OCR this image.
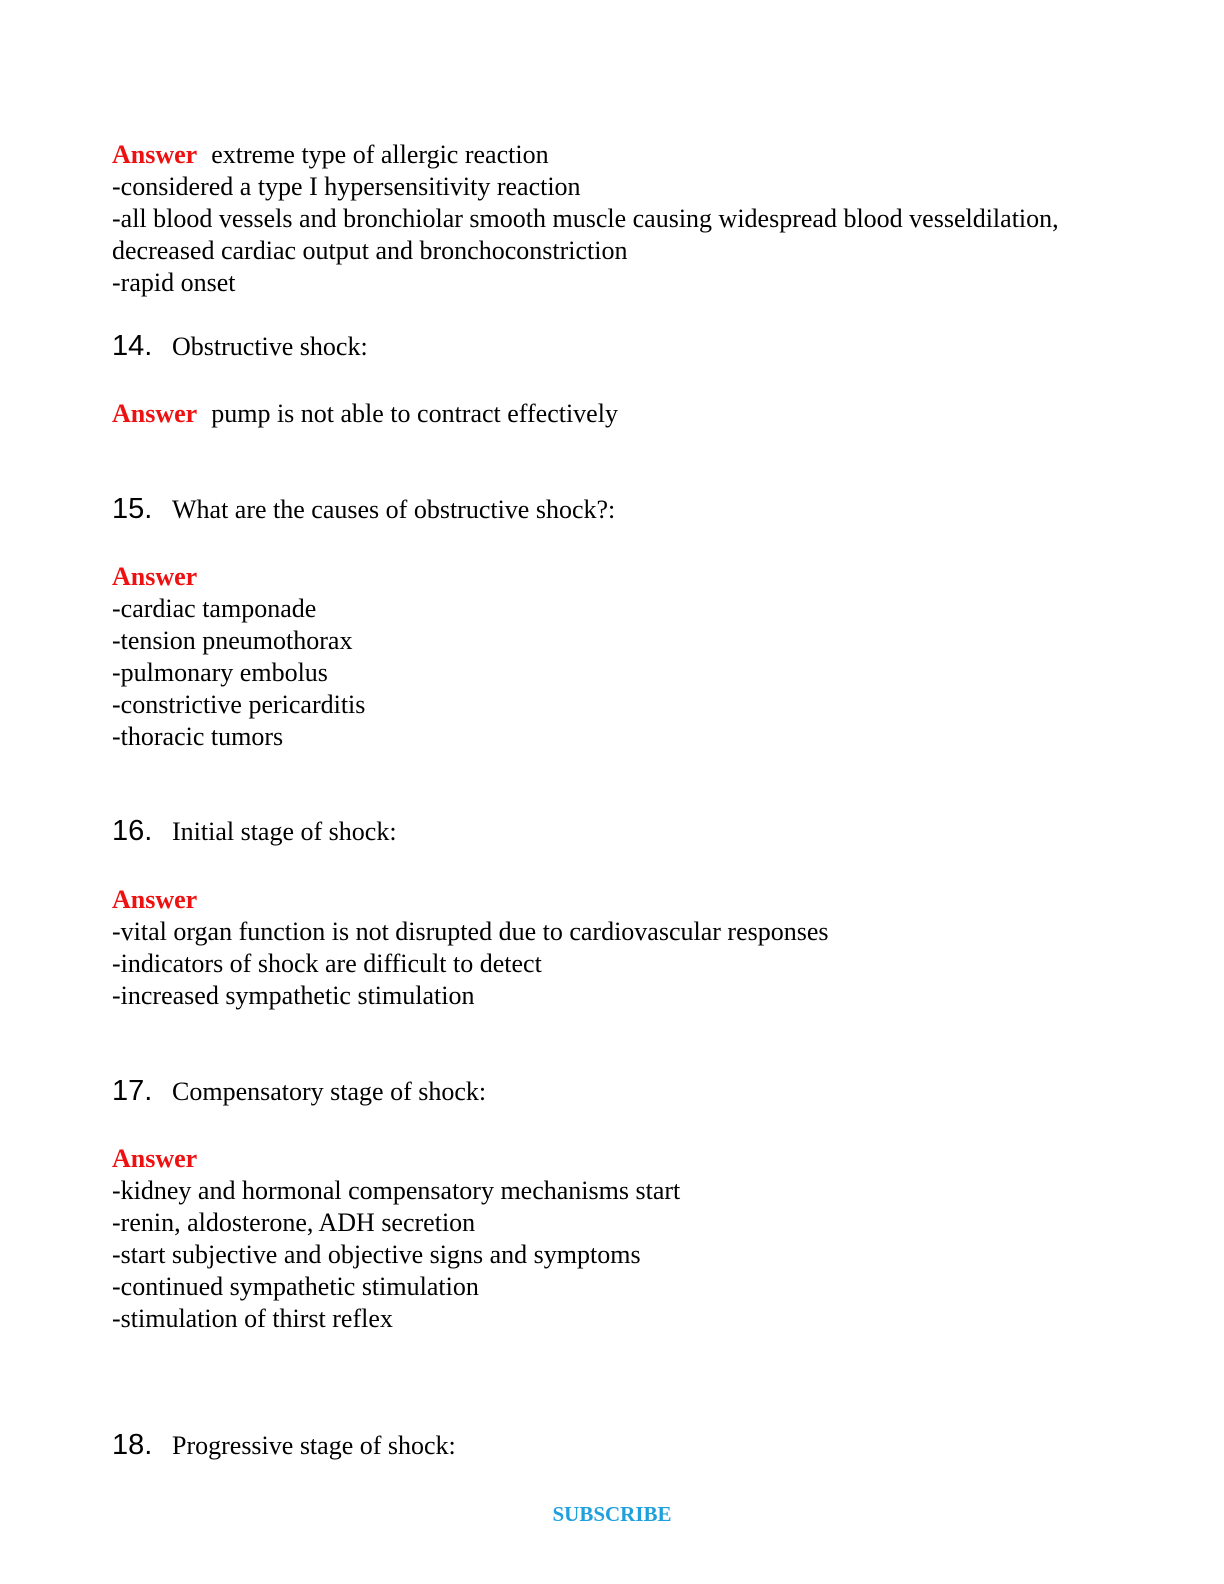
Answer extreme type of allergic reaction
-considered a type I hypersensitivity reaction
-all blood vessels and bronchiolar smooth muscle causing widespread blood vesseldilation,
decreased cardiac output and bronchoconstriction
-rapid onset
14. Obstructive shock:
Answer pump is not able to contract effectively
15. What are the causes of obstructive shock?:
Answer
-cardiac tamponade
-tension pneumothorax
-pulmonary embolus
-constrictive pericarditis
-thoracic tumors
16. Initial stage of shock:
Answer
-vital organ function is not disrupted due to cardiovascular responses
-indicators of shock are difficult to detect
-increased sympathetic stimulation
17. Compensatory stage of shock:
Answer
-kidney and hormonal compensatory mechanisms start
-renin, aldosterone, ADH secretion
-start subjective and objective signs and symptoms
-continued sympathetic stimulation
-stimulation of thirst reflex
18. Progressive stage of shock:
SUBSCRIBE
